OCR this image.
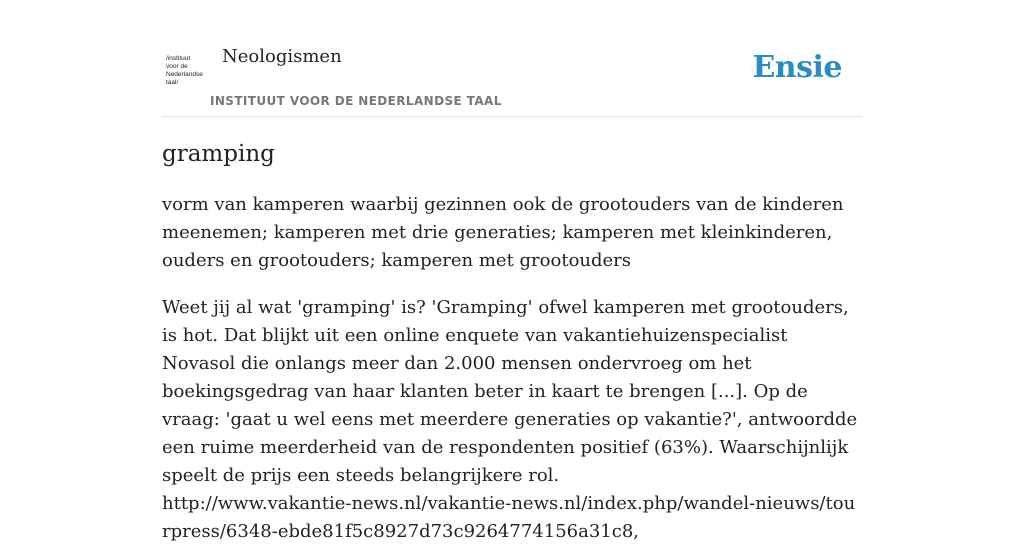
/instituut
voor de
Nederlandse
taal/
Neologismen
INSTITUUT VOOR DE NEDERLANDSE TAAL
Ensie
gramping

vorm van kamperen waarbij gezinnen ook de grootouders van de kinderen meenemen; kamperen met drie generaties; kamperen met kleinkinderen, ouders en grootouders; kamperen met grootouders

Weet jij al wat 'gramping' is? 'Gramping' ofwel kamperen met grootouders, is hot. Dat blijkt uit een online enquete van vakantiehuizenspecialist Novasol die onlangs meer dan 2.000 mensen ondervroeg om het boekingsgedrag van haar klanten beter in kaart te brengen [...]. Op de vraag: 'gaat u wel eens met meerdere generaties op vakantie?', antwoordde een ruime meerderheid van de respondenten positief (63%). Waarschijnlijk speelt de prijs een steeds belangrijkere rol.
http://www.vakantie-news.nl/vakantie-news.nl/index.php/wandel-nieuws/tourpress/6348-ebde81f5c8927d73c9264774156a31c8,
